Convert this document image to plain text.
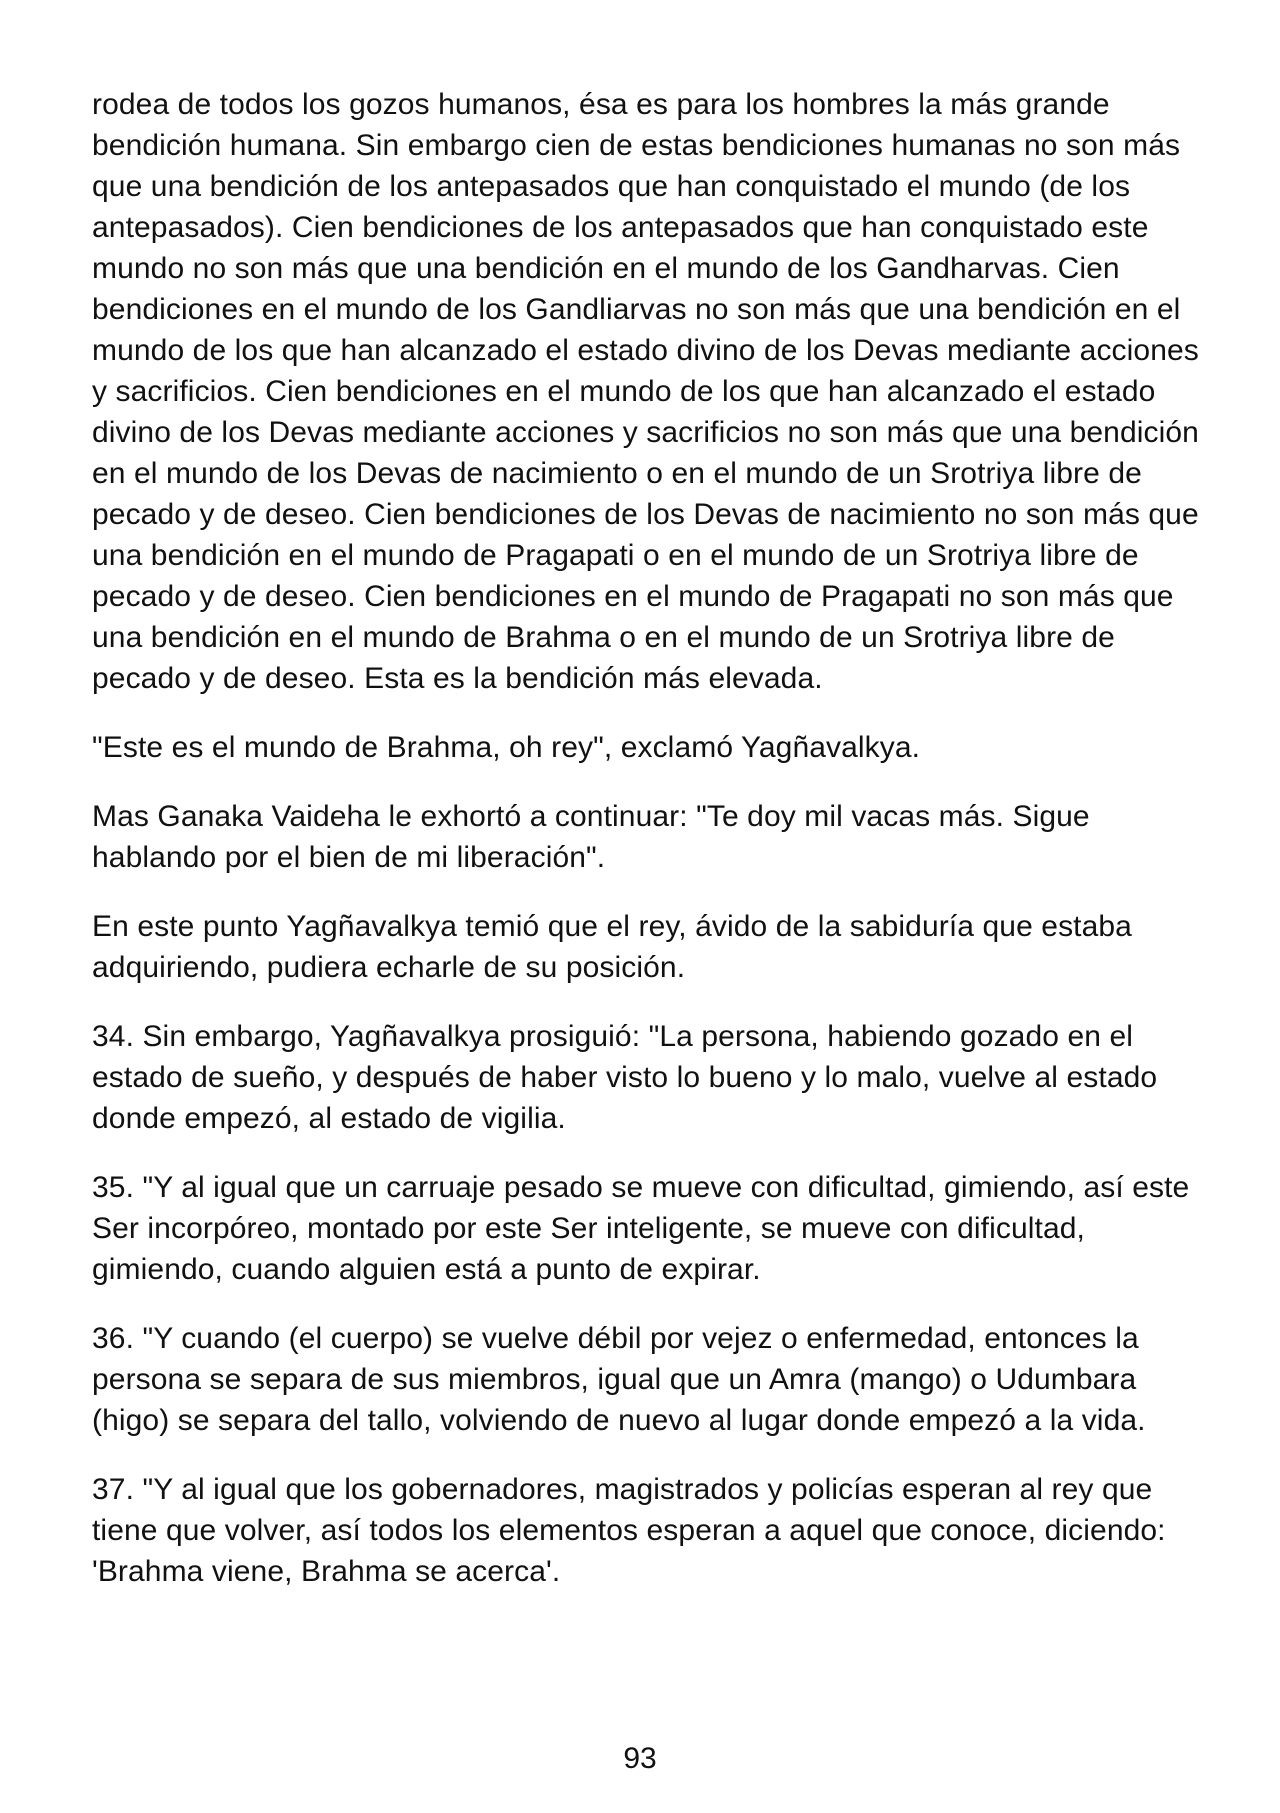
rodea de todos los gozos humanos, ésa es para los hombres la más grande bendición humana. Sin embargo cien de estas bendiciones humanas no son más que una bendición de los antepasados que han conquistado el mundo (de los antepasados). Cien bendiciones de los antepasados que han conquistado este mundo no son más que una bendición en el mundo de los Gandharvas. Cien bendiciones en el mundo de los Gandliarvas no son más que una bendición en el mundo de los que han alcanzado el estado divino de los Devas mediante acciones y sacrificios. Cien bendiciones en el mundo de los que han alcanzado el estado divino de los Devas mediante acciones y sacrificios no son más que una bendición en el mundo de los Devas de nacimiento o en el mundo de un Srotriya libre de pecado y de deseo. Cien bendiciones de los Devas de nacimiento no son más que una bendición en el mundo de Pragapati o en el mundo de un Srotriya libre de pecado y de deseo. Cien bendiciones en el mundo de Pragapati no son más que una bendición en el mundo de Brahma o en el mundo de un Srotriya libre de pecado y de deseo. Esta es la bendición más elevada.

"Este es el mundo de Brahma, oh rey", exclamó Yagñavalkya.

Mas Ganaka Vaideha le exhortó a continuar: "Te doy mil vacas más. Sigue hablando por el bien de mi liberación".

En este punto Yagñavalkya temió que el rey, ávido de la sabiduría que estaba adquiriendo, pudiera echarle de su posición.

34. Sin embargo, Yagñavalkya prosiguió: "La persona, habiendo gozado en el estado de sueño, y después de haber visto lo bueno y lo malo, vuelve al estado donde empezó, al estado de vigilia.

35. "Y al igual que un carruaje pesado se mueve con dificultad, gimiendo, así este Ser incorpóreo, montado por este Ser inteligente, se mueve con dificultad, gimiendo, cuando alguien está a punto de expirar.

36. "Y cuando (el cuerpo) se vuelve débil por vejez o enfermedad, entonces la persona se separa de sus miembros, igual que un Amra (mango) o Udumbara (higo) se separa del tallo, volviendo de nuevo al lugar donde empezó a la vida.

37. "Y al igual que los gobernadores, magistrados y policías esperan al rey que tiene que volver, así todos los elementos esperan a aquel que conoce, diciendo: 'Brahma viene, Brahma se acerca'.

93
